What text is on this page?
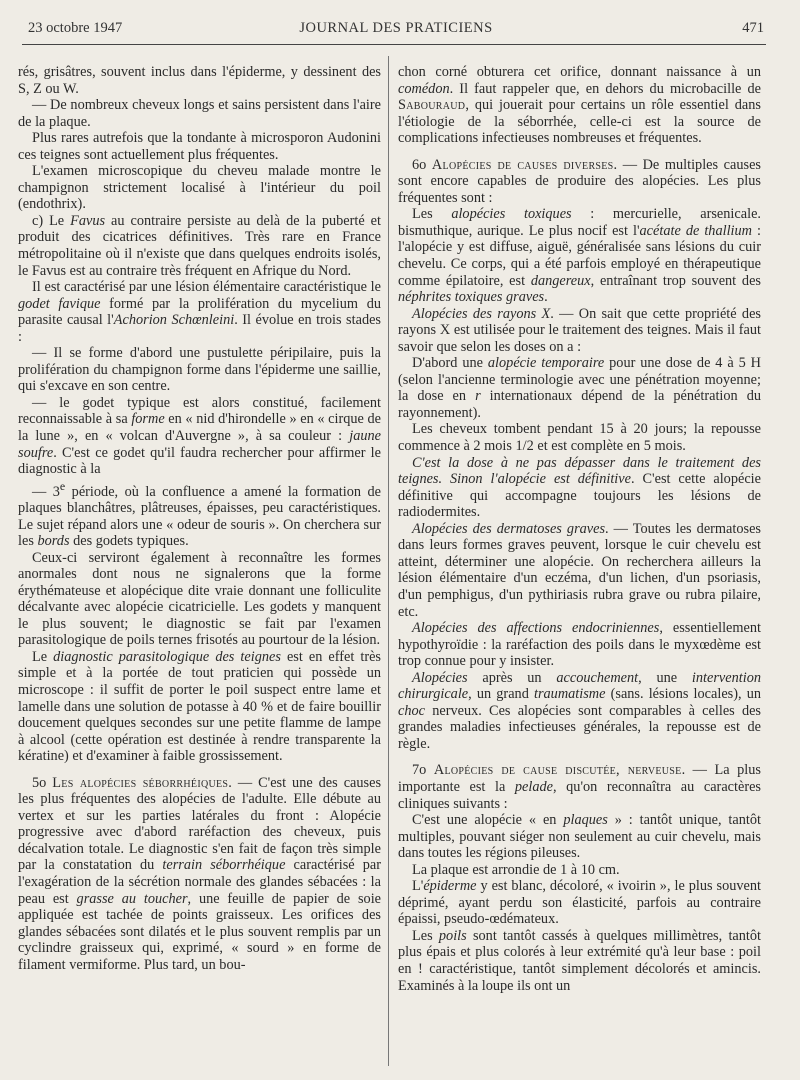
23 octobre 1947	JOURNAL DES PRATICIENS	471

rés, grisâtres, souvent inclus dans l'épiderme, y dessinent des S, Z ou W.

— De nombreux cheveux longs et sains persistent dans l'aire de la plaque.

Plus rares autrefois que la tondante à microsporon Audonini ces teignes sont actuellement plus fréquentes.

L'examen microscopique du cheveu malade montre le champignon strictement localisé à l'intérieur du poil (endothrix).

c) Le Favus au contraire persiste au delà de la puberté et produit des cicatrices définitives. Très rare en France métropolitaine où il n'existe que dans quelques endroits isolés, le Favus est au contraire très fréquent en Afrique du Nord.

Il est caractérisé par une lésion élémentaire caractéristique le godet favique formé par la prolifération du mycelium du parasite causal l'Achorion Schœnleini. Il évolue en trois stades :

— Il se forme d'abord une pustulette péripilaire, puis la prolifération du champignon forme dans l'épiderme une saillie, qui s'excave en son centre.

— le godet typique est alors constitué, facilement reconnaissable à sa forme en « nid d'hirondelle » en « cirque de la lune », en « volcan d'Auvergne », à sa couleur : jaune soufre. C'est ce godet qu'il faudra rechercher pour affirmer le diagnostic à la

— 3e période, où la confluence a amené la formation de plaques blanchâtres, plâtreuses, épaisses, peu caractéristiques. Le sujet répand alors une « odeur de souris ». On cherchera sur les bords des godets typiques.

Ceux-ci serviront également à reconnaître les formes anormales dont nous ne signalerons que la forme érythémateuse et alopécique dite vraie donnant une folliculite décalvante avec alopécie cicatricielle. Les godets y manquent le plus souvent; le diagnostic se fait par l'examen parasitologique de poils ternes frisotés au pourtour de la lésion.

Le diagnostic parasitologique des teignes est en effet très simple et à la portée de tout praticien qui possède un microscope : il suffit de porter le poil suspect entre lame et lamelle dans une solution de potasse à 40 % et de faire bouillir doucement quelques secondes sur une petite flamme de lampe à alcool (cette opération est destinée à rendre transparente la kératine) et d'examiner à faible grossissement.

5o Les alopécies séborrhéiques. — C'est une des causes les plus fréquentes des alopécies de l'adulte. Elle débute au vertex et sur les parties latérales du front : Alopécie progressive avec d'abord raréfaction des cheveux, puis décalvation totale. Le diagnostic s'en fait de façon très simple par la constatation du terrain séborrhéique caractérisé par l'exagération de la sécrétion normale des glandes sébacées : la peau est grasse au toucher, une feuille de papier de soie appliquée est tachée de points graisseux. Les orifices des glandes sébacées sont dilatés et le plus souvent remplis par un cyclindre graisseux qui, exprimé, « sourd » en forme de filament vermiforme. Plus tard, un bou-

chon corné obturera cet orifice, donnant naissance à un comédon. Il faut rappeler que, en dehors du microbacille de Sabouraud, qui jouerait pour certains un rôle essentiel dans l'étiologie de la séborrhée, celle-ci est la source de complications infectieuses nombreuses et fréquentes.

6o Alopécies de causes diverses. — De multiples causes sont encore capables de produire des alopécies. Les plus fréquentes sont :

Les alopécies toxiques : mercurielle, arsenicale. bismuthique, aurique. Le plus nocif est l'acétate de thallium : l'alopécie y est diffuse, aiguë, généralisée sans lésions du cuir chevelu. Ce corps, qui a été parfois employé en thérapeutique comme épilatoire, est dangereux, entraînant trop souvent des néphrites toxiques graves.

Alopécies des rayons X. — On sait que cette propriété des rayons X est utilisée pour le traitement des teignes. Mais il faut savoir que selon les doses on a :

D'abord une alopécie temporaire pour une dose de 4 à 5 H (selon l'ancienne terminologie avec une pénétration moyenne; la dose en r internationaux dépend de la pénétration du rayonnement).

Les cheveux tombent pendant 15 à 20 jours; la repousse commence à 2 mois 1/2 et est complète en 5 mois.

C'est la dose à ne pas dépasser dans le traitement des teignes. Sinon l'alopécie est définitive. C'est cette alopécie définitive qui accompagne toujours les lésions de radiodermites.

Alopécies des dermatoses graves. — Toutes les dermatoses dans leurs formes graves peuvent, lorsque le cuir chevelu est atteint, déterminer une alopécie. On recherchera ailleurs la lésion élémentaire d'un eczéma, d'un lichen, d'un psoriasis, d'un pemphigus, d'un pythiriasis rubra grave ou rubra pilaire, etc.

Alopécies des affections endocriniennes, essentiellement hypothyroïdie : la raréfaction des poils dans le myxœdème est trop connue pour y insister.

Alopécies après un accouchement, une intervention chirurgicale, un grand traumatisme (sans. lésions locales), un choc nerveux. Ces alopécies sont comparables à celles des grandes maladies infectieuses générales, la repousse est de règle.

7o Alopécies de cause discutée, nerveuse. — La plus importante est la pelade, qu'on reconnaîtra au caractères cliniques suivants :

C'est une alopécie « en plaques » : tantôt unique, tantôt multiples, pouvant siéger non seulement au cuir chevelu, mais dans toutes les régions pileuses.

La plaque est arrondie de 1 à 10 cm.

L'épiderme y est blanc, décoloré, « ivoirin », le plus souvent déprimé, ayant perdu son élasticité, parfois au contraire épaissi, pseudo-œdémateux.

Les poils sont tantôt cassés à quelques millimètres, tantôt plus épais et plus colorés à leur extrémité qu'à leur base : poil en ! caractéristique, tantôt simplement décolorés et amincis. Examinés à la loupe ils ont un
